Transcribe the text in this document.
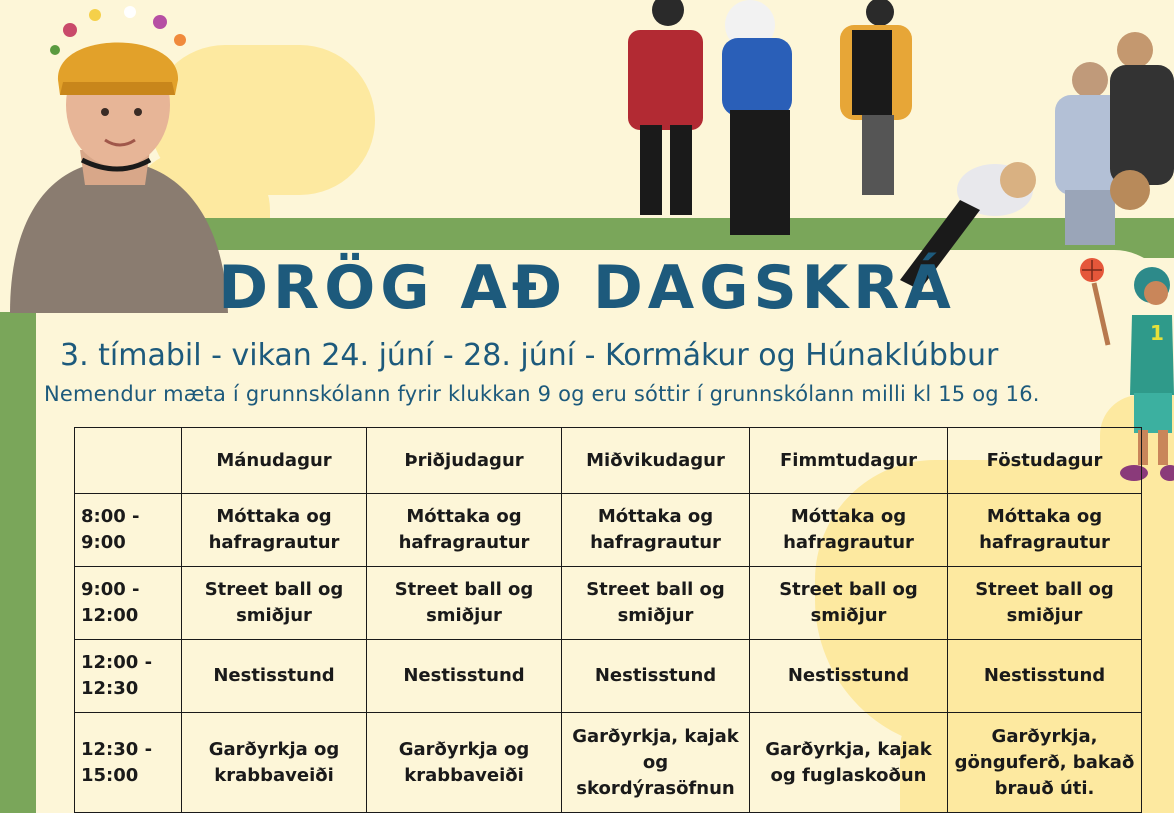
1
DRÖG AÐ DAGSKRÁ
3. tímabil - vikan 24. júní - 28. júní - Kormákur og Húnaklúbbur
Nemendur mæta í grunnskólann fyrir klukkan 9 og eru sóttir í grunnskólann milli kl 15 og 16.
	Mánudagur	Þriðjudagur	Miðvikudagur	Fimmtudagur	Föstudagur
8:00 - 9:00	Móttaka og hafragrautur	Móttaka og hafragrautur	Móttaka og hafragrautur	Móttaka og hafragrautur	Móttaka og hafragrautur

9:00 - 12:00	Street ball og smiðjur	Street ball og smiðjur	Street ball og smiðjur	Street ball og smiðjur	Street ball og smiðjur

12:00 - 12:30	Nestisstund	Nestisstund	Nestisstund	Nestisstund	Nestisstund

12:30 - 15:00	Garðyrkja og krabbaveiði	Garðyrkja og krabbaveiði	Garðyrkja, kajak og skordýrasöfnun	Garðyrkja, kajak og fuglaskoðun	Garðyrkja, gönguferð, bakað brauð úti.
